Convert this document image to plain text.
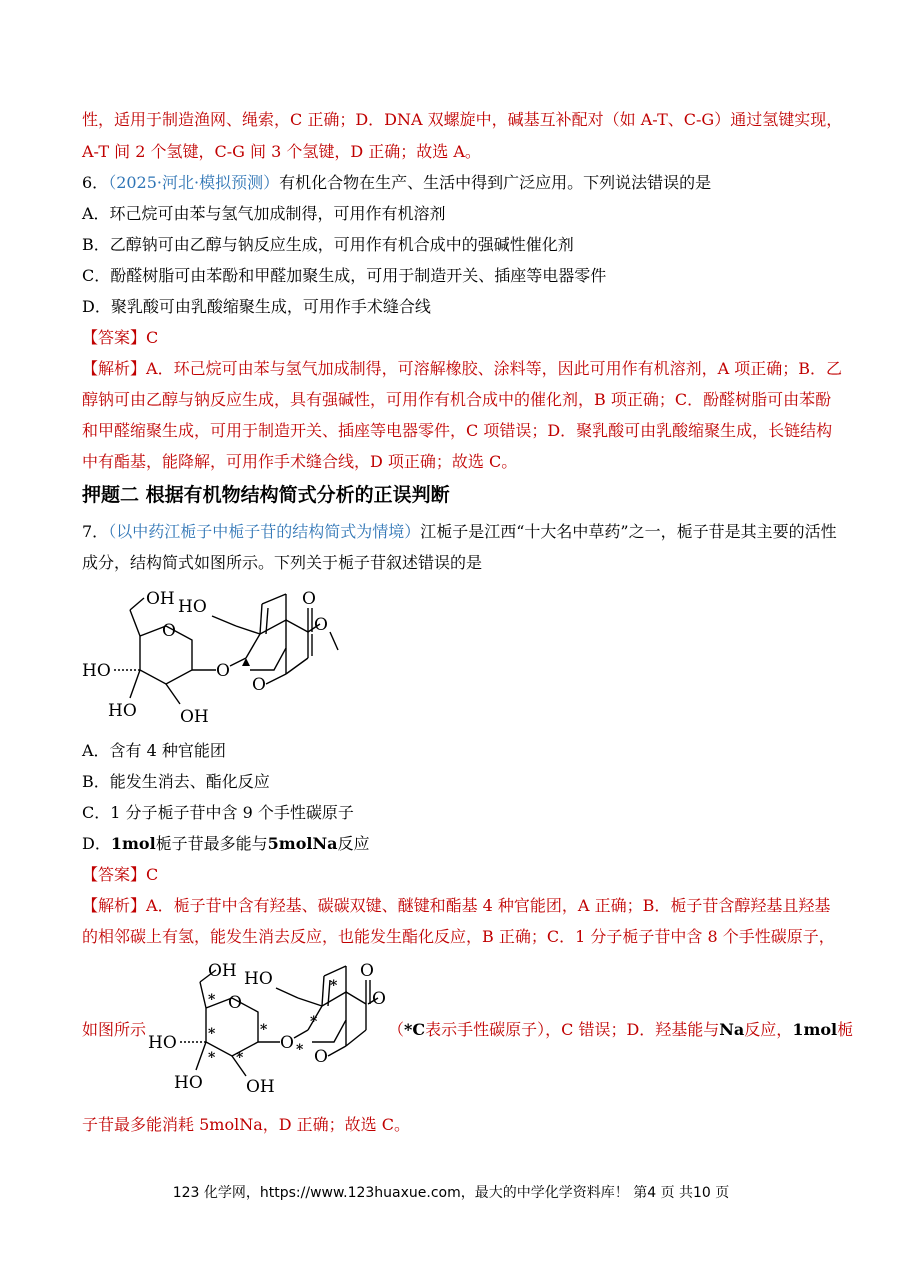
性，适用于制造渔网、绳索，C 正确；D．DNA 双螺旋中，碱基互补配对（如 A-T、C-G）通过氢键实现，
A-T 间 2 个氢键，C-G 间 3 个氢键，D 正确；故选 A。
6．（2025·河北·模拟预测）有机化合物在生产、生活中得到广泛应用。下列说法错误的是
A．环己烷可由苯与氢气加成制得，可用作有机溶剂
B．乙醇钠可由乙醇与钠反应生成，可用作有机合成中的强碱性催化剂
C．酚醛树脂可由苯酚和甲醛加聚生成，可用于制造开关、插座等电器零件
D．聚乳酸可由乳酸缩聚生成，可用作手术缝合线
【答案】C
【解析】A．环己烷可由苯与氢气加成制得，可溶解橡胶、涂料等，因此可用作有机溶剂，A 项正确；B．乙
醇钠可由乙醇与钠反应生成，具有强碱性，可用作有机合成中的催化剂，B 项正确；C．酚醛树脂可由苯酚
和甲醛缩聚生成，可用于制造开关、插座等电器零件，C 项错误；D．聚乳酸可由乳酸缩聚生成，长链结构
中有酯基，能降解，可用作手术缝合线，D 项正确；故选 C。
押题二 根据有机物结构简式分析的正误判断
7．（以中药江栀子中栀子苷的结构简式为情境）江栀子是江西“十大名中草药”之一，栀子苷是其主要的活性
成分，结构简式如图所示。下列关于栀子苷叙述错误的是
OH
O
HO
HO	OH
O
HO
O
O
O
A．含有 4 种官能团
B．能发生消去、酯化反应
C．1 分子栀子苷中含 9 个手性碳原子
D．1mol栀子苷最多能与5molNa反应
【答案】C
【解析】A．栀子苷中含有羟基、碳碳双键、醚键和酯基 4 种官能团，A 正确；B．栀子苷含醇羟基且羟基
的相邻碳上有氢，能发生消去反应，也能发生酯化反应，B 正确；C．1 分子栀子苷中含 8 个手性碳原子，
如图所示
OH
O
HO
HO	OH
O
HO
O
O
O
*
*
*
* *	*
*
*
（*C表示手性碳原子），C 错误；D．羟基能与Na反应，1mol栀
子苷最多能消耗 5molNa，D 正确；故选 C。
123 化学网，https://www.123huaxue.com，最大的中学化学资料库！ 第4 页 共10 页
